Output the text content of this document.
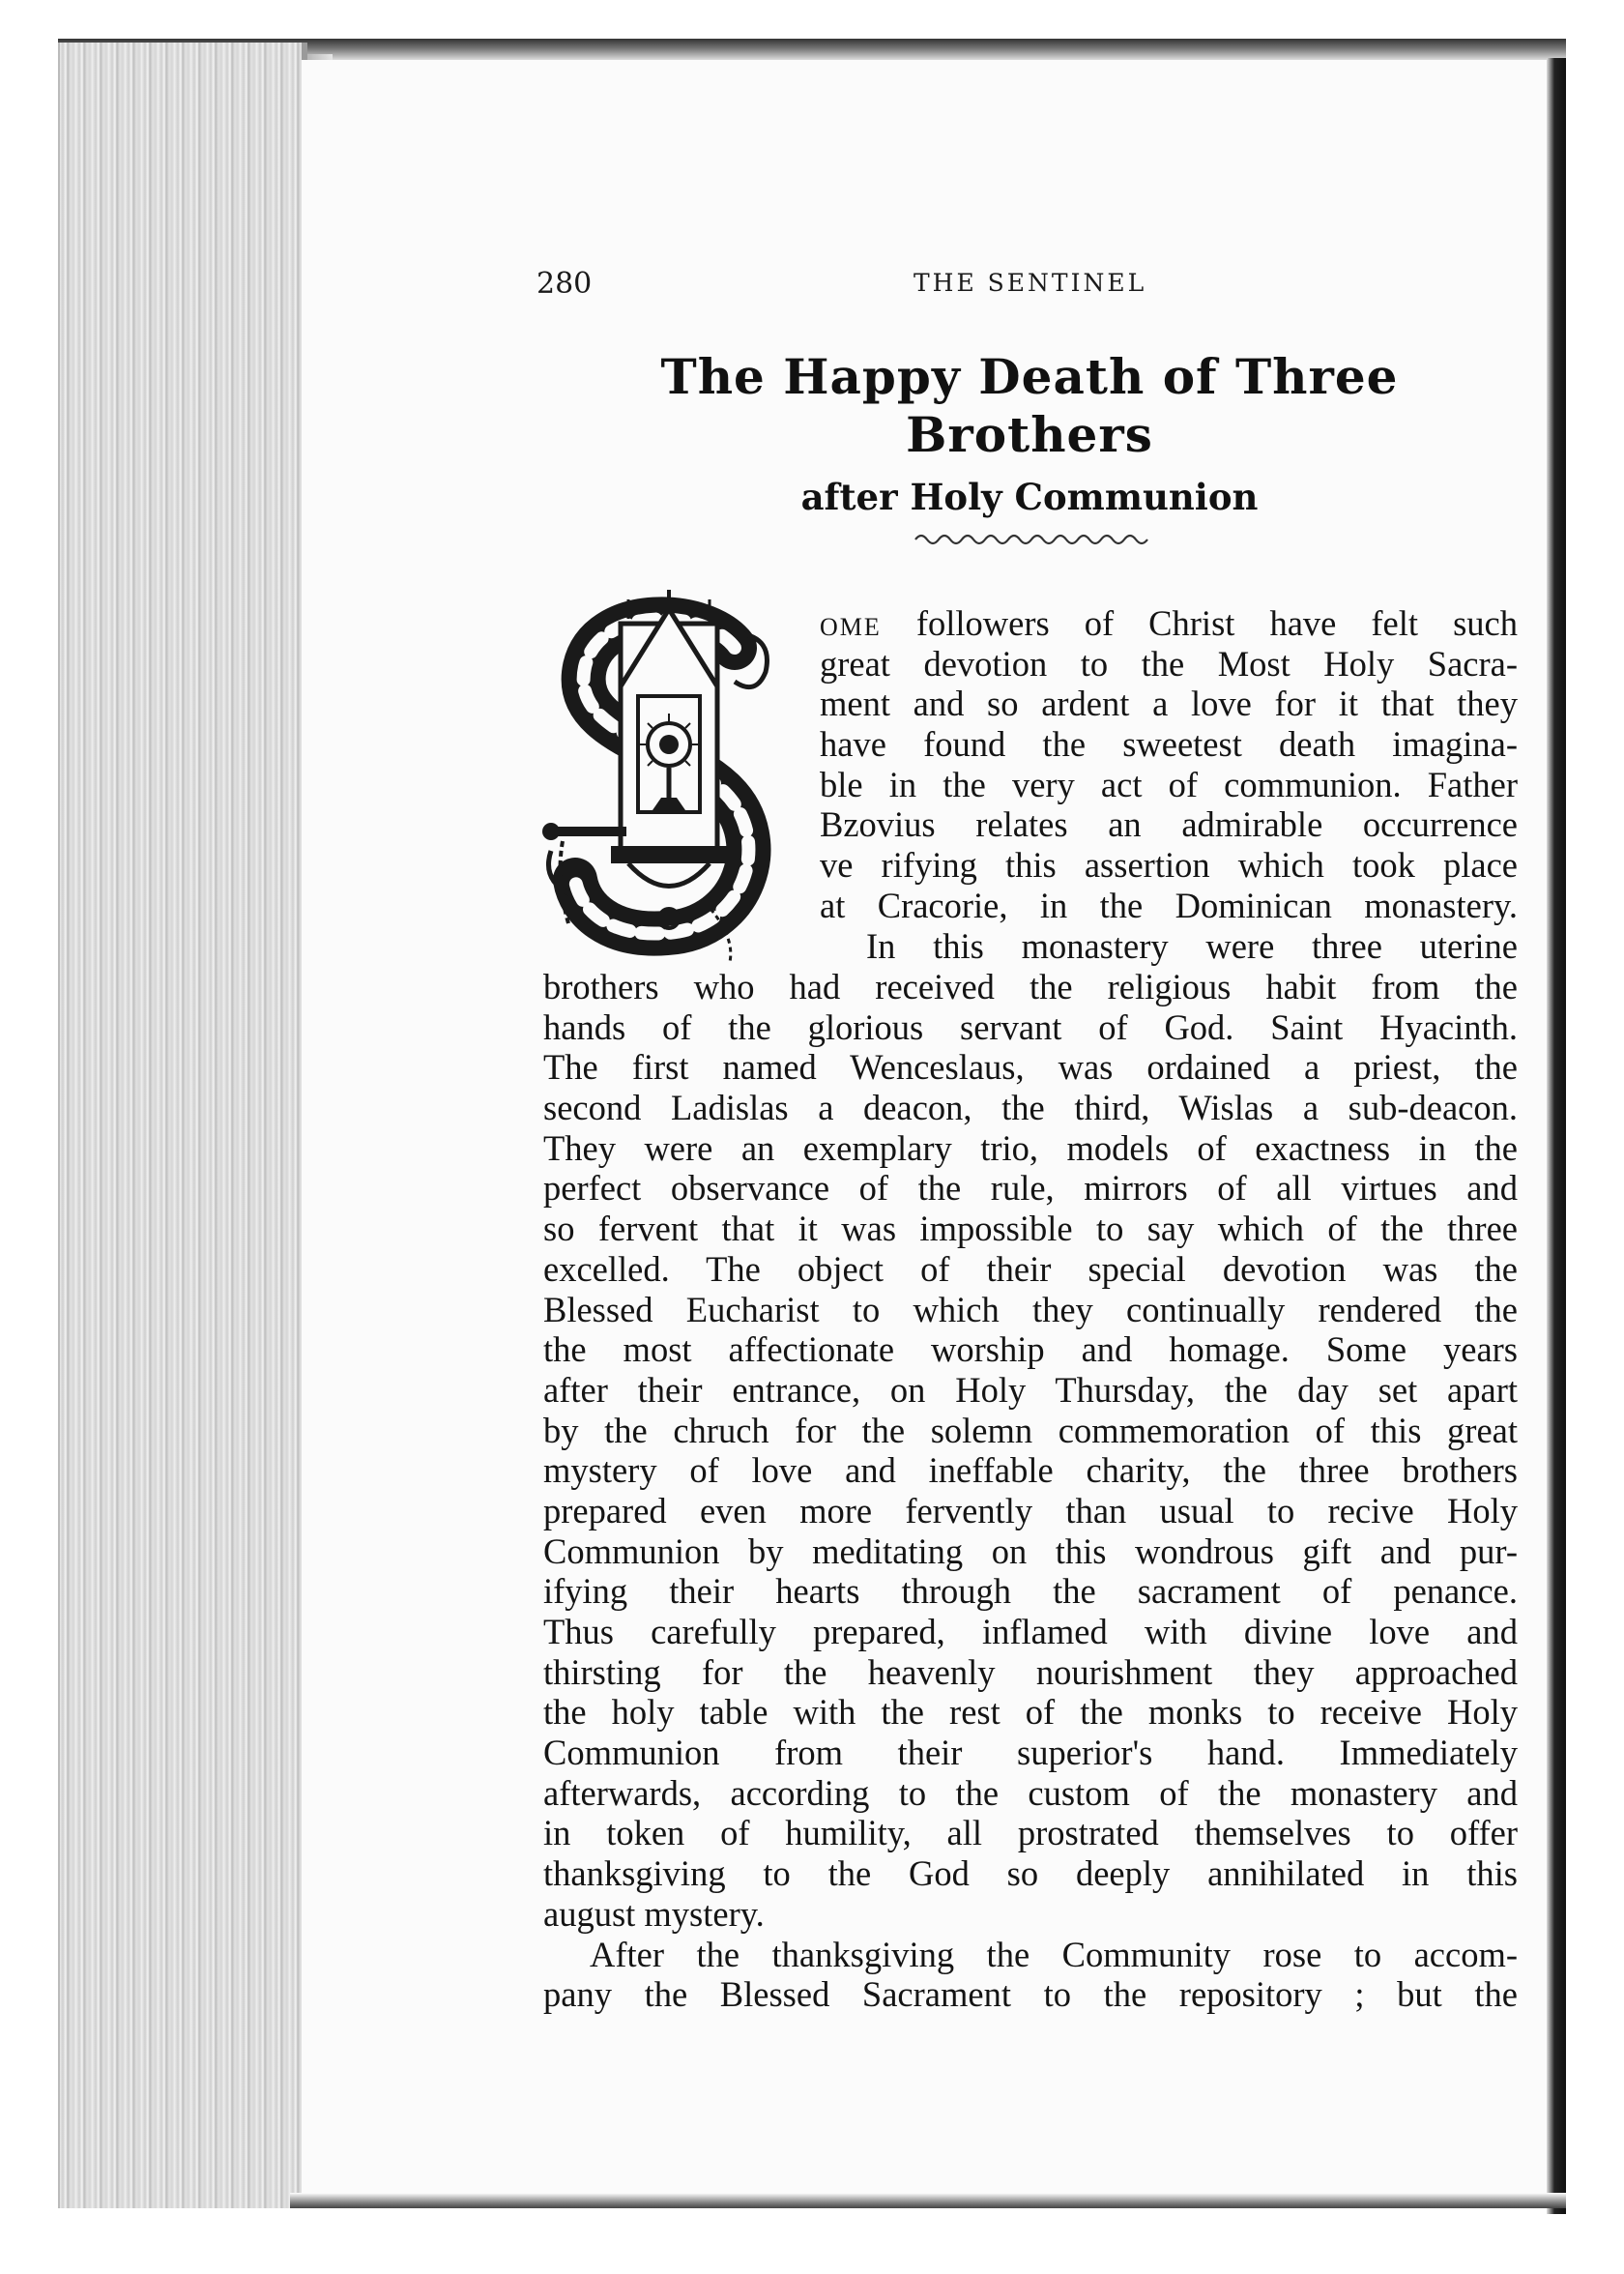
280	THE SENTINEL
The Happy Death of Three Brothers
after Holy Communion
OME followers of Christ have felt such
great devotion to the Most Holy Sacra-
ment and so ardent a love for it that they
have found the sweetest death imagina-
ble in the very act of communion. Father
Bzovius relates an admirable occurrence
ve rifying this assertion which took place
at Cracorie, in the Dominican monastery.
In this monastery were three uterine
brothers who had received the religious habit from the
hands of the glorious servant of God. Saint Hyacinth.
The first named Wenceslaus, was ordained a priest, the
second Ladislas a deacon, the third, Wislas a sub-deacon.
They were an exemplary trio, models of exactness in the
perfect observance of the rule, mirrors of all virtues and
so fervent that it was impossible to say which of the three
excelled. The object of their special devotion was the
Blessed Eucharist to which they continually rendered the
the most affectionate worship and homage. Some years
after their entrance, on Holy Thursday, the day set apart
by the chruch for the solemn commemoration of this great
mystery of love and ineffable charity, the three brothers
prepared even more fervently than usual to recive Holy
Communion by meditating on this wondrous gift and pur-
ifying their hearts through the sacrament of penance.
Thus carefully prepared, inflamed with divine love and
thirsting for the heavenly nourishment they approached
the holy table with the rest of the monks to receive Holy
Communion from their superior's hand. Immediately
afterwards, according to the custom of the monastery and
in token of humility, all prostrated themselves to offer
thanksgiving to the God so deeply annihilated in this
august mystery.
After the thanksgiving the Community rose to accom-
pany the Blessed Sacrament to the repository ; but the
